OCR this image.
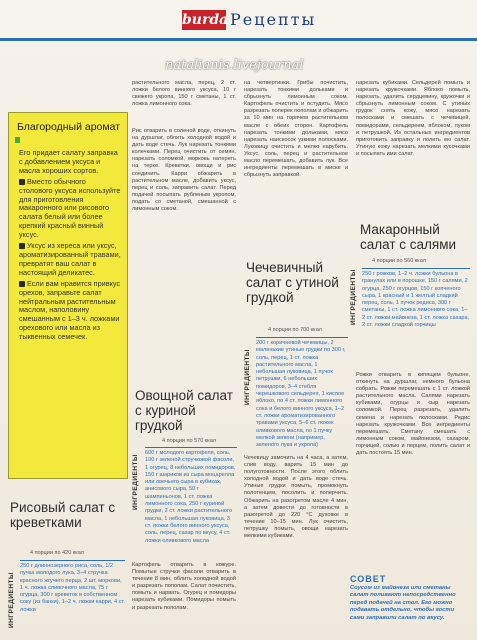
burda Рецепты
natalianis.livejournal
Благородный аромат

Его придает салату заправка с добавлением уксуса и масла хороших сортов.

Вместо обычного столового уксуса используйте для приготовления макаронного или рисового салата белый или более крепкий красный винный уксус.

Уксус из хереса или уксус, ароматизированный травами, превратят ваш салат в настоящий деликатес.

Если вам нравится привкус орехов, заправьте салат нейтральным растительным маслом, наполовину смешанным с 1–3 ч. ложками орехового или масла из тыквенных семечек.

Рисовый салат с креветками
4 порции по 420 ккал
ИНГРЕДИЕНТЫ
250 г длиннозерного риса, соль, 1/2 пучка молодого лука, 3–4 стручка красного жгучего перца, 2 шт. моркови, 1 ч. ложка сливочного масла, 75 г огурца, 300 г креветок в собственном соку (из банки), 1–2 ч. ложки карри, 4 ст. ложки
растительного масла, перец, 2 ст. ложки белого винного уксуса, 10 г свежего укропа, 150 г сметаны, 1 ст. ложка лимонного сока.
Рис отварить в соленой воде, откинуть на дуршлаг, облить холодной водой и дать воде стечь. Лук нарезать тонкими колечками. Перец очистить от семян, нарезать соломкой, морковь натереть на терке. Креветки, овощи и рис соединить. Карри обжарить в растительном масле, добавить уксус, перец и соль, заправить салат. Перед подачей посыпать рубленым укропом, подать со сметаной, смешанной с лимонным соком.
Овощной салат с куриной грудкой
4 порции по 570 ккал
ИНГРЕДИЕНТЫ
600 г молодого картофеля, соль, 100 г зеленой стручковой фасоли, 1 огурец, 8 небольших помидоров, 150 г шариков из сыра моцарелла или овечьего сыра в кубиках, анисового сыра, 50 г шампиньонов, 1 ст. ложка лимонного сока, 250 г куриной грудки, 2 ст. ложки растительного масла, 1 небольшая луковица, 3 ст. ложки белого винного уксуса, соль, перец, сахар по вкусу, 4 ст. ложки оливкового масла
Картофель отварить в кожуре. Помытые стручки фасоли отварить в течение 8 мин, облить холодной водой и разрезать пополам. Салат почистить, помыть и нарвать. Огурец и помидоры нарезать кубиками. Помидоры помыть и разрезать пополам.
на четвертинки. Грибы почистить, нарезать тонкими дольками и сбрызнуть лимонным соком. Картофель очистить и остудить. Мясо разрезать поперек пополам и обжарить за 10 мин на горячем растительном масле с обеих сторон. Картофель нарезать тонкими дольками, мясо нарезать наискосок узкими полосками. Луковицу очистить и мелко нарубить. Уксус, соль, перец и растительное масло перемешать, добавить лук. Все ингредиенты перемешать в миске и сбрызнуть заправкой.
Чечевичный салат с утиной грудкой
4 порции по 700 ккал
ИНГРЕДИЕНТЫ
200 г коричневой чечевицы, 2 маленькие утиные грудки по 300 г, соль, перец, 1 ст. ложка растительного масла, 1 небольшая луковица, 1 пучок петрушки, 6 небольших помидоров, 3–4 стебля черешкового сельдерея, 1 кислое яблоко, по 4 ст. ложки лимонного сока и белого винного уксуса, 1–2 ст. ложки ароматизированного травами уксуса, 5–6 ст. ложек оливкового масла, по 1 пучку мелкой зелени (например, зеленого лука и укропа)
Чечевицу замочить на 4 часа, а затем, слив воду, варить 15 мин до полуготовности. После этого облить холодной водой и дать воде стечь. Утиные грудки помыть, промокнуть полотенцем, посолить и поперчить. Обжарить на разогретом масле 4 мин, а затем довести до готовности в разогретой до 220 °С духовке в течение 10–15 мин. Лук очистить, петрушку помыть, овощи нарезать мелкими кубиками.
нарезать кубиками. Сельдерей помыть и нарезать кружочками. Яблоко помыть, нарезать, удалить сердцевину, кружочки и сбрызнуть лимонным соком. С утиных грудок снять кожу, мясо нарезать полосками и смешать с чечевицей, помидорами, сельдереем, яблоком, луком и петрушкой. Из остальных ингредиентов приготовить заправку и полить ею салат. Утиную кожу нарезать мелкими кусочками и посыпать ими салат.
Макаронный салат с салями
4 порции по 560 ккал
ИНГРЕДИЕНТЫ 250 г рожков, 1–2 ч. ложки бульона в гранулах или в порошке, 150 г салями, 2 огурца, 250 г огурцов, 150 г копченого сыра, 1 красный и 1 желтый сладкий перец, соль, 1 пучок редиса, 300 г сметаны, 1 ст. ложка лимонного сока, 1–2 ст. ложки майонеза, 1 ст. ложка сахара, 2 ст. ложки сладкой горчицы
Рожки отварить в кипящем бульоне, откинуть на дуршлаг, немного бульона собрать. Рожки перемешать с 1 ст. ложкой растительного масла. Салями нарезать кубиками, огурцы и сыр нарезать соломкой. Перец разрезать, удалить семена и нарезать полосками. Редис нарезать кружочками. Все ингредиенты перемешать. Сметану смешать с лимонным соком, майонезом, сахаром, горчицей, солью и перцем, полить салат и дать постоять 15 мин.
СОВЕТ
Соусом из майонеза или сметаны салат поливают непосредственно перед подачей на стол. Его можно подавать отдельно, чтобы гости сами заправили салат по вкусу.
